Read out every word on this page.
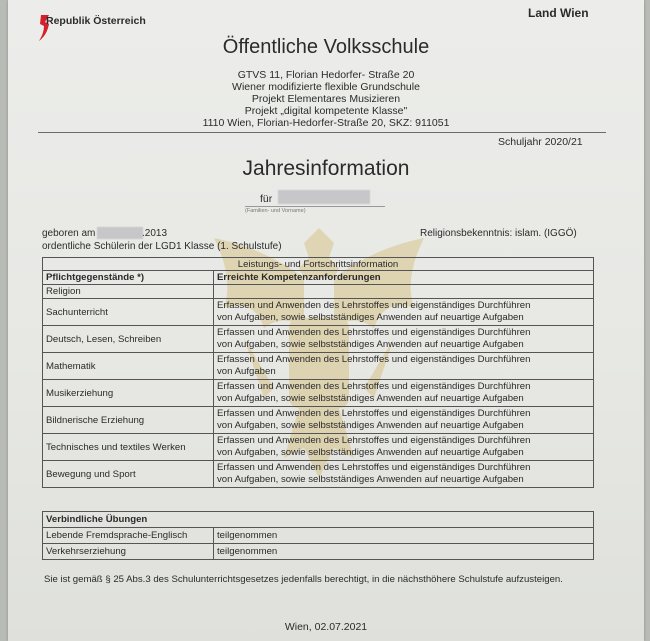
Republik Österreich
Land Wien
Öffentliche Volksschule
GTVS 11, Florian Hedorfer- Straße 20
Wiener modifizierte flexible Grundschule
Projekt Elementares Musizieren
Projekt „digital kompetente Klasse"
1110 Wien, Florian-Hedorfer-Straße 20, SKZ: 911051
Schuljahr 2020/21
Jahresinformation
für
(Familien- und Vorname)
geboren am	.2013	Religionsbekenntnis: islam. (IGGÖ)
ordentliche Schülerin der LGD1 Klasse (1. Schulstufe)
Leistungs- und Fortschrittsinformation	
Pflichtgegenstände *)	Erreichte Kompetenzanforderungen
Religion	
Sachunterricht	Erfassen und Anwenden des Lehrstoffes und eigenständiges Durchführen
von Aufgaben, sowie selbstständiges Anwenden auf neuartige Aufgaben

Deutsch, Lesen, Schreiben	Erfassen und Anwenden des Lehrstoffes und eigenständiges Durchführen
von Aufgaben, sowie selbstständiges Anwenden auf neuartige Aufgaben

Mathematik	Erfassen und Anwenden des Lehrstoffes und eigenständiges Durchführen
von Aufgaben

Musikerziehung	Erfassen und Anwenden des Lehrstoffes und eigenständiges Durchführen
von Aufgaben, sowie selbstständiges Anwenden auf neuartige Aufgaben

Bildnerische Erziehung	Erfassen und Anwenden des Lehrstoffes und eigenständiges Durchführen
von Aufgaben, sowie selbstständiges Anwenden auf neuartige Aufgaben

Technisches und textiles Werken	Erfassen und Anwenden des Lehrstoffes und eigenständiges Durchführen
von Aufgaben, sowie selbstständiges Anwenden auf neuartige Aufgaben

Bewegung und Sport	Erfassen und Anwenden des Lehrstoffes und eigenständiges Durchführen
von Aufgaben, sowie selbstständiges Anwenden auf neuartige Aufgaben
Verbindliche Übungen	
Lebende Fremdsprache-Englisch	teilgenommen
Verkehrserziehung	teilgenommen
Sie ist gemäß § 25 Abs.3 des Schulunterrichtsgesetzes jedenfalls berechtigt, in die nächsthöhere Schulstufe aufzusteigen.
Wien, 02.07.2021
